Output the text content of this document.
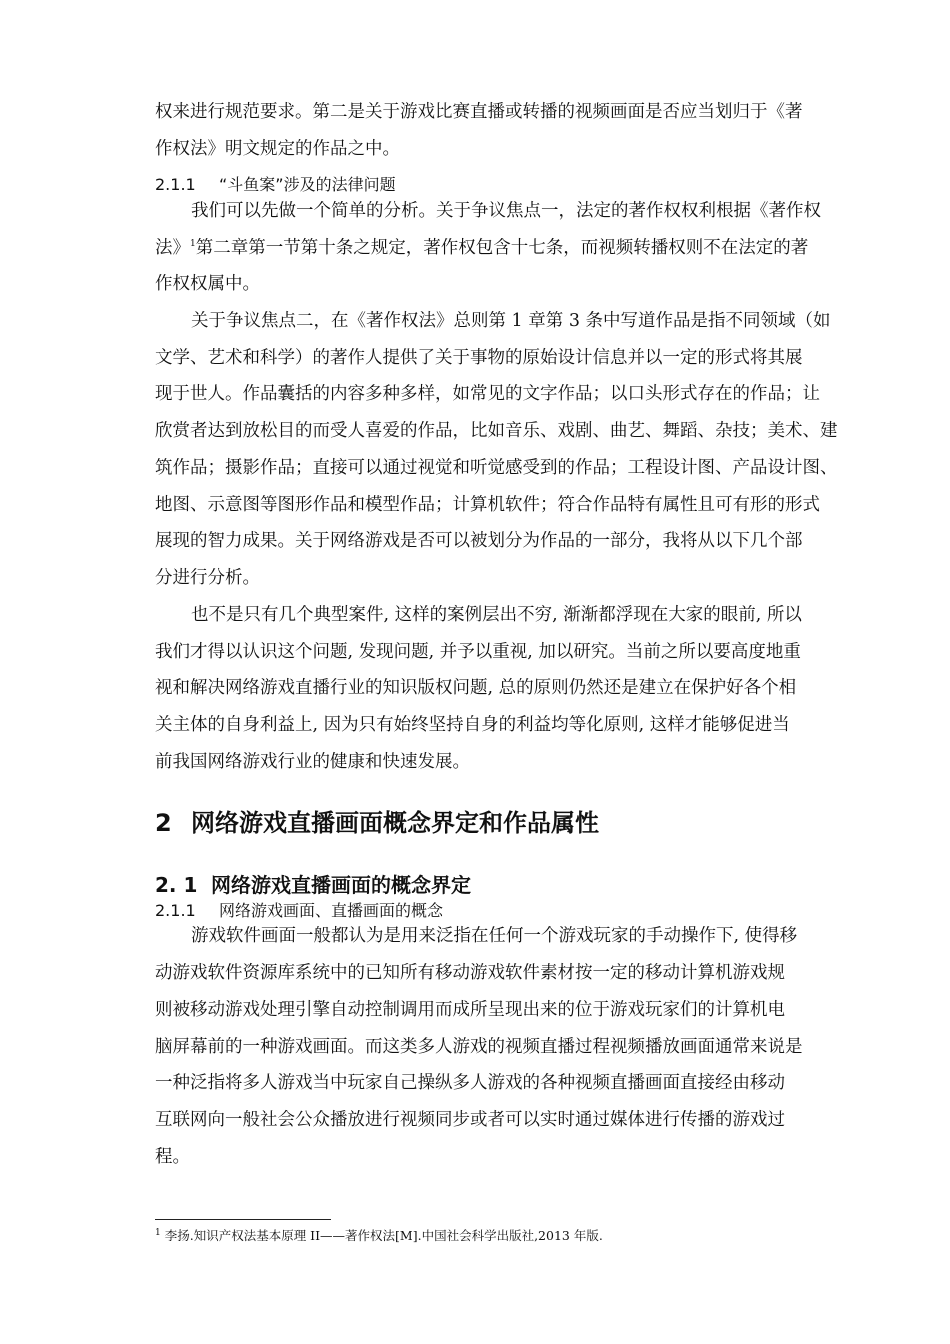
权来进行规范要求。第二是关于游戏比赛直播或转播的视频画面是否应当划归于《著
作权法》明文规定的作品之中。
2.1.1 “斗鱼案”涉及的法律问题
我们可以先做一个简单的分析。关于争议焦点一，法定的著作权权利根据《著作权
法》$^1$第二章第一节第十条之规定，著作权包含十七条，而视频转播权则不在法定的著
作权权属中。
关于争议焦点二，在《著作权法》总则第 1 章第 3 条中写道作品是指不同领域（如
文学、艺术和科学）的著作人提供了关于事物的原始设计信息并以一定的形式将其展
现于世人。作品囊括的内容多种多样，如常见的文字作品；以口头形式存在的作品；让
欣赏者达到放松目的而受人喜爱的作品，比如音乐、戏剧、曲艺、舞蹈、杂技；美术、建
筑作品；摄影作品；直接可以通过视觉和听觉感受到的作品；工程设计图、产品设计图、
地图、示意图等图形作品和模型作品；计算机软件；符合作品特有属性且可有形的形式
展现的智力成果。关于网络游戏是否可以被划分为作品的一部分，我将从以下几个部
分进行分析。
也不是只有几个典型案件, 这样的案例层出不穷, 渐渐都浮现在大家的眼前, 所以
我们才得以认识这个问题, 发现问题, 并予以重视, 加以研究。当前之所以要高度地重
视和解决网络游戏直播行业的知识版权问题, 总的原则仍然还是建立在保护好各个相
关主体的自身利益上, 因为只有始终坚持自身的利益均等化原则, 这样才能够促进当
前我国网络游戏行业的健康和快速发展。
2 网络游戏直播画面概念界定和作品属性
2. 1 网络游戏直播画面的概念界定
2.1.1 网络游戏画面、直播画面的概念
游戏软件画面一般都认为是用来泛指在任何一个游戏玩家的手动操作下, 使得移
动游戏软件资源库系统中的已知所有移动游戏软件素材按一定的移动计算机游戏规
则被移动游戏处理引擎自动控制调用而成所呈现出来的位于游戏玩家们的计算机电
脑屏幕前的一种游戏画面。而这类多人游戏的视频直播过程视频播放画面通常来说是
一种泛指将多人游戏当中玩家自己操纵多人游戏的各种视频直播画面直接经由移动
互联网向一般社会公众播放进行视频同步或者可以实时通过媒体进行传播的游戏过
程。
$^1$ 李扬.知识产权法基本原理 II——著作权法[M].中国社会科学出版社,2013 年版.
